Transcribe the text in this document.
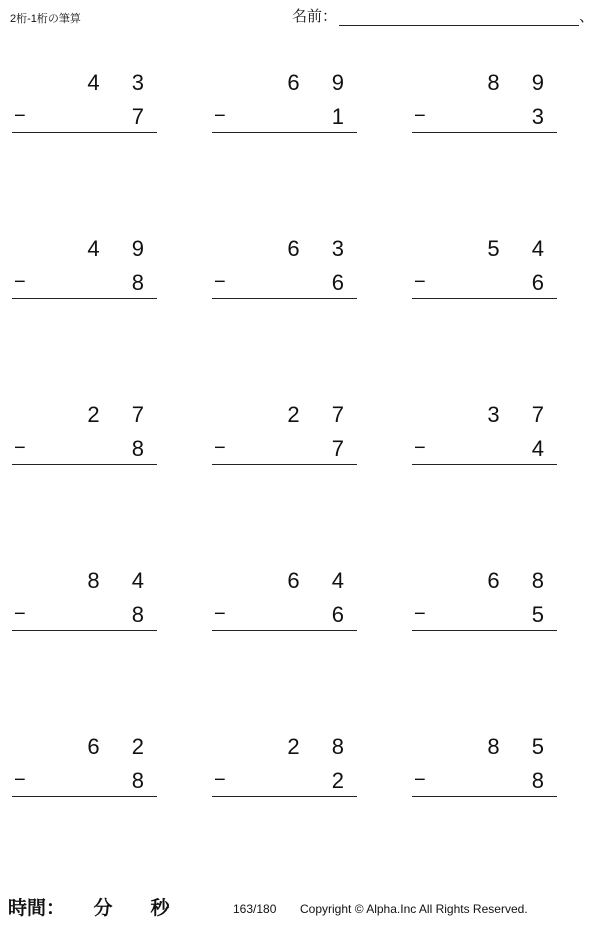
2桁-1桁の筆算	名前：	、
4 3
−	7
6 9
−	1
8 9
−	3
4 9
−	8
6 3
−	6
5 4
−	6
2 7
−	8
2 7
−	7
3 7
−	4
8 4
−	8
6 4
−	6
6 8
−	5
6 2
−	8
2 8
−	2
8 5
−	8
時間：　　分　　秒	163/180 Copyright © Alpha.Inc All Rights Reserved.
